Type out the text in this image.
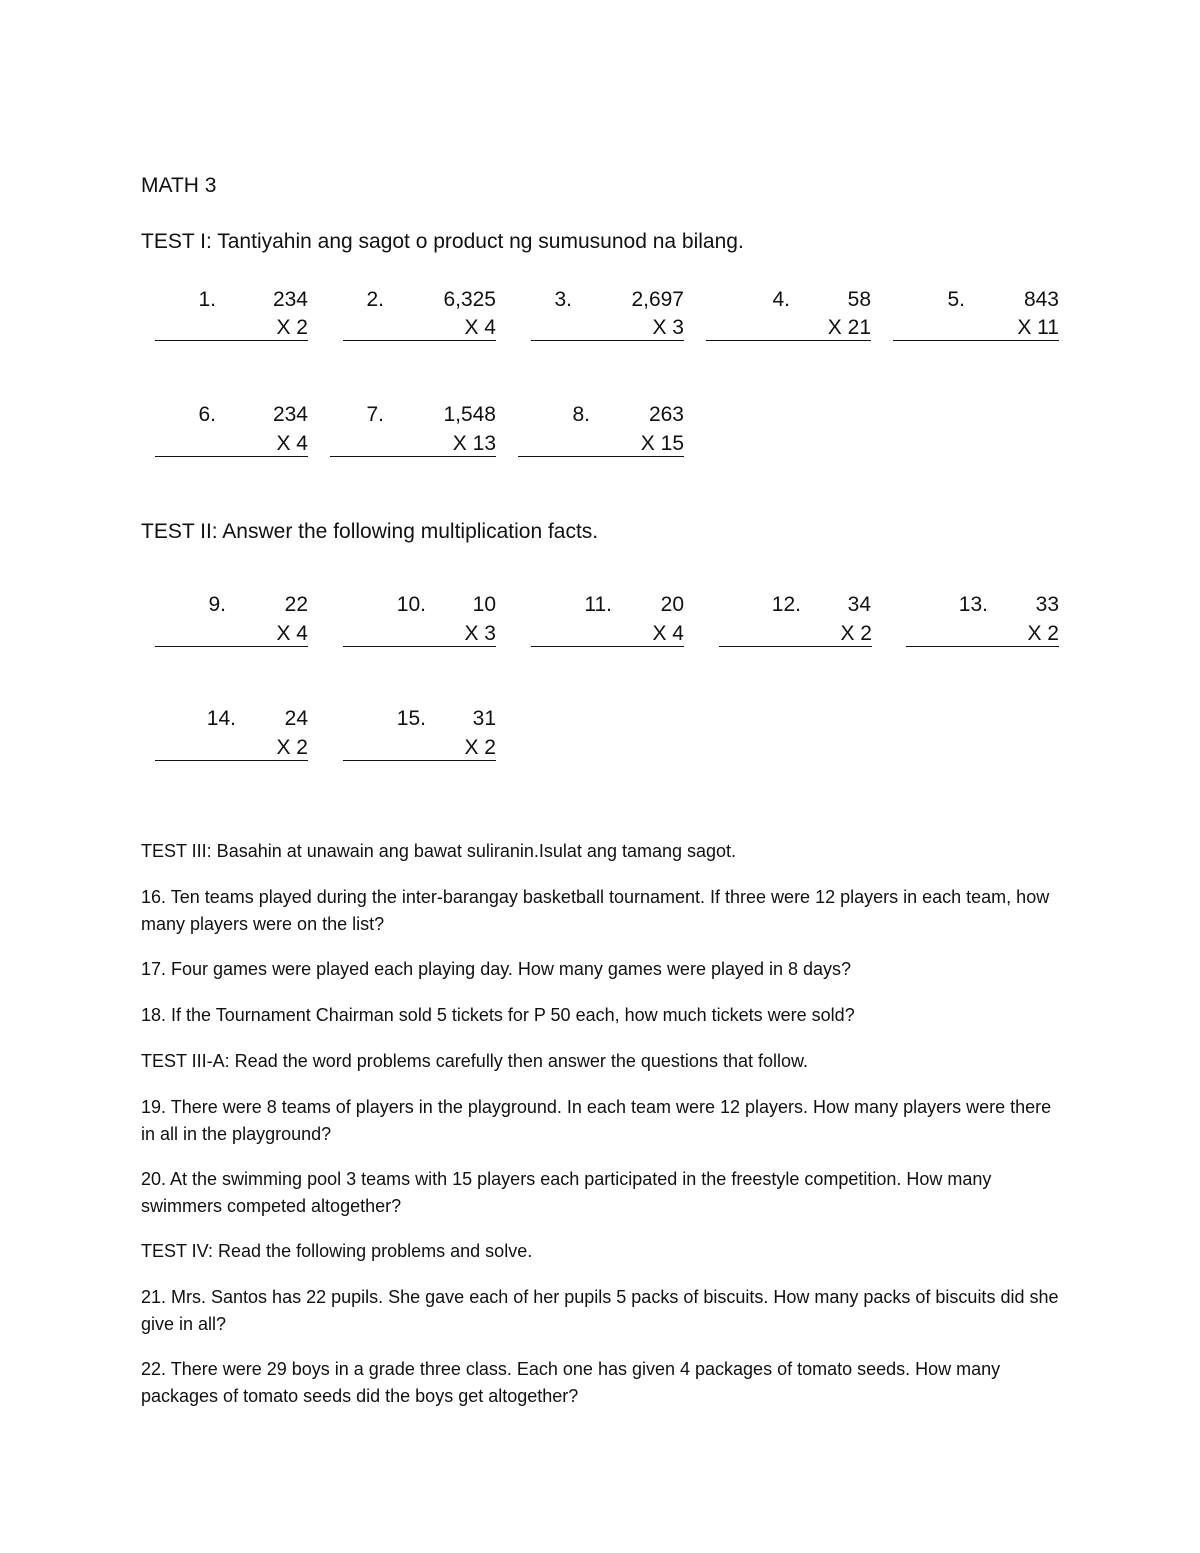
MATH 3

TEST I: Tantiyahin ang sagot o product ng sumusunod na bilang.

1.	234
X 2
2.	6,325
X 4
3.	2,697
X 3
4.	58
X 21
5.	843
X 11
6.	234
X 4
7.	1,548
X 13
8.	263
X 15

TEST II: Answer the following multiplication facts.

9.	22
X 4
10.	10
X 3
11.	20
X 4
12.	34
X 2
13.	33
X 2
14.	24
X 2
15.	31
X 2

TEST III: Basahin at unawain ang bawat suliranin.Isulat ang tamang sagot.

16. Ten teams played during the inter-barangay basketball tournament. If three were 12 players in each team, how many players were on the list?

17. Four games were played each playing day. How many games were played in 8 days?

18. If the Tournament Chairman sold 5 tickets for P 50 each, how much tickets were sold?

TEST III-A: Read the word problems carefully then answer the questions that follow.

19. There were 8 teams of players in the playground. In each team were 12 players. How many players were there in all in the playground?

20. At the swimming pool 3 teams with 15 players each participated in the freestyle competition. How many swimmers competed altogether?

TEST IV: Read the following problems and solve.

21. Mrs. Santos has 22 pupils. She gave each of her pupils 5 packs of biscuits. How many packs of biscuits did she give in all?

22. There were 29 boys in a grade three class. Each one has given 4 packages of tomato seeds. How many packages of tomato seeds did the boys get altogether?
